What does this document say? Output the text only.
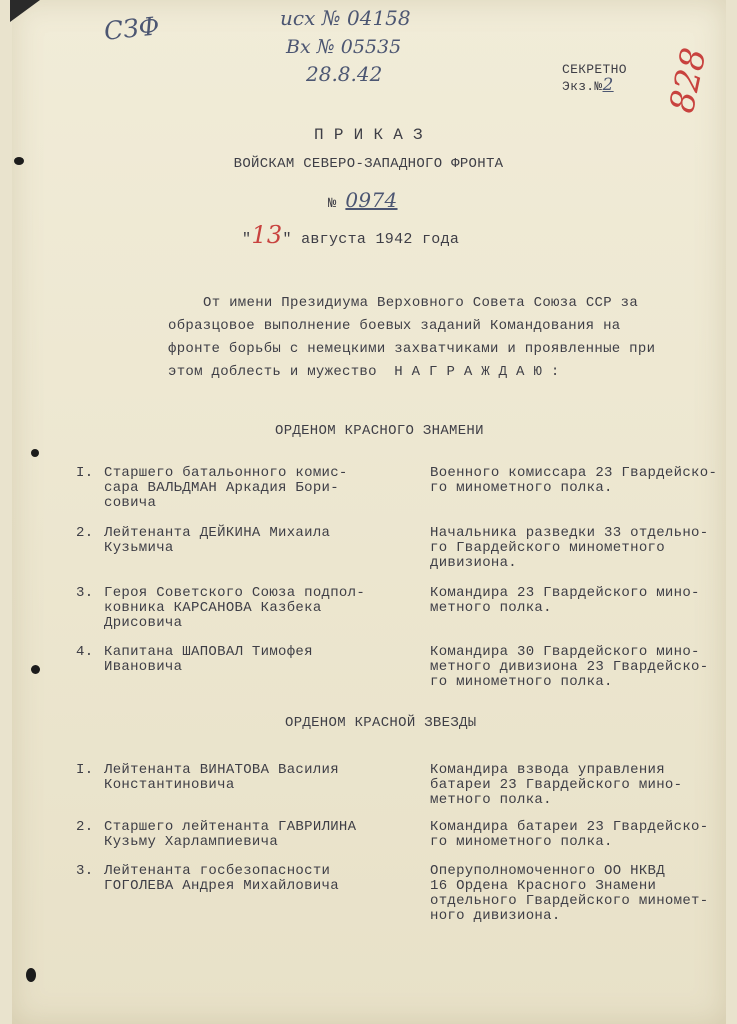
СЗФ	исх № 04158
Вх № 05535
28.8.42	828
СЕКРЕТНО
Экз.№2
П Р И К А З
ВОЙСКАМ СЕВЕРО-ЗАПАДНОГО ФРОНТА
№ 0974
"13" августа 1942 года
От имени Президиума Верховного Совета Союза ССР за
образцовое выполнение боевых заданий Командования на
фронте борьбы с немецкими захватчиками и проявленные при
этом доблесть и мужество  Н А Г Р А Ж Д А Ю :
ОРДЕНОМ КРАСНОГО ЗНАМЕНИ
I. Старшего батальонного комис-
сара ВАЛЬДМАН Аркадия Бори-
совича
Военного комиссара 23 Гвардейско-
го минометного полка.
2. Лейтенанта ДЕЙКИНА Михаила
Кузьмича
Начальника разведки 33 отдельно-
го Гвардейского минометного
дивизиона.
3. Героя Советского Союза подпол-
ковника КАРСАНОВА Казбека
Дрисовича
Командира 23 Гвардейского мино-
метного полка.
4. Капитана ШАПОВАЛ Тимофея
Ивановича
Командира 30 Гвардейского мино-
метного дивизиона 23 Гвардейско-
го минометного полка.
ОРДЕНОМ КРАСНОЙ ЗВЕЗДЫ
I. Лейтенанта ВИНАТОВА Василия
Константиновича
Командира взвода управления
батареи 23 Гвардейского мино-
метного полка.
2. Старшего лейтенанта ГАВРИЛИНА
Кузьму Харлампиевича
Командира батареи 23 Гвардейско-
го минометного полка.
3. Лейтенанта госбезопасности
ГОГОЛЕВА Андрея Михайловича
Оперуполномоченного ОО НКВД
16 Ордена Красного Знамени
отдельного Гвардейского миномет-
ного дивизиона.
